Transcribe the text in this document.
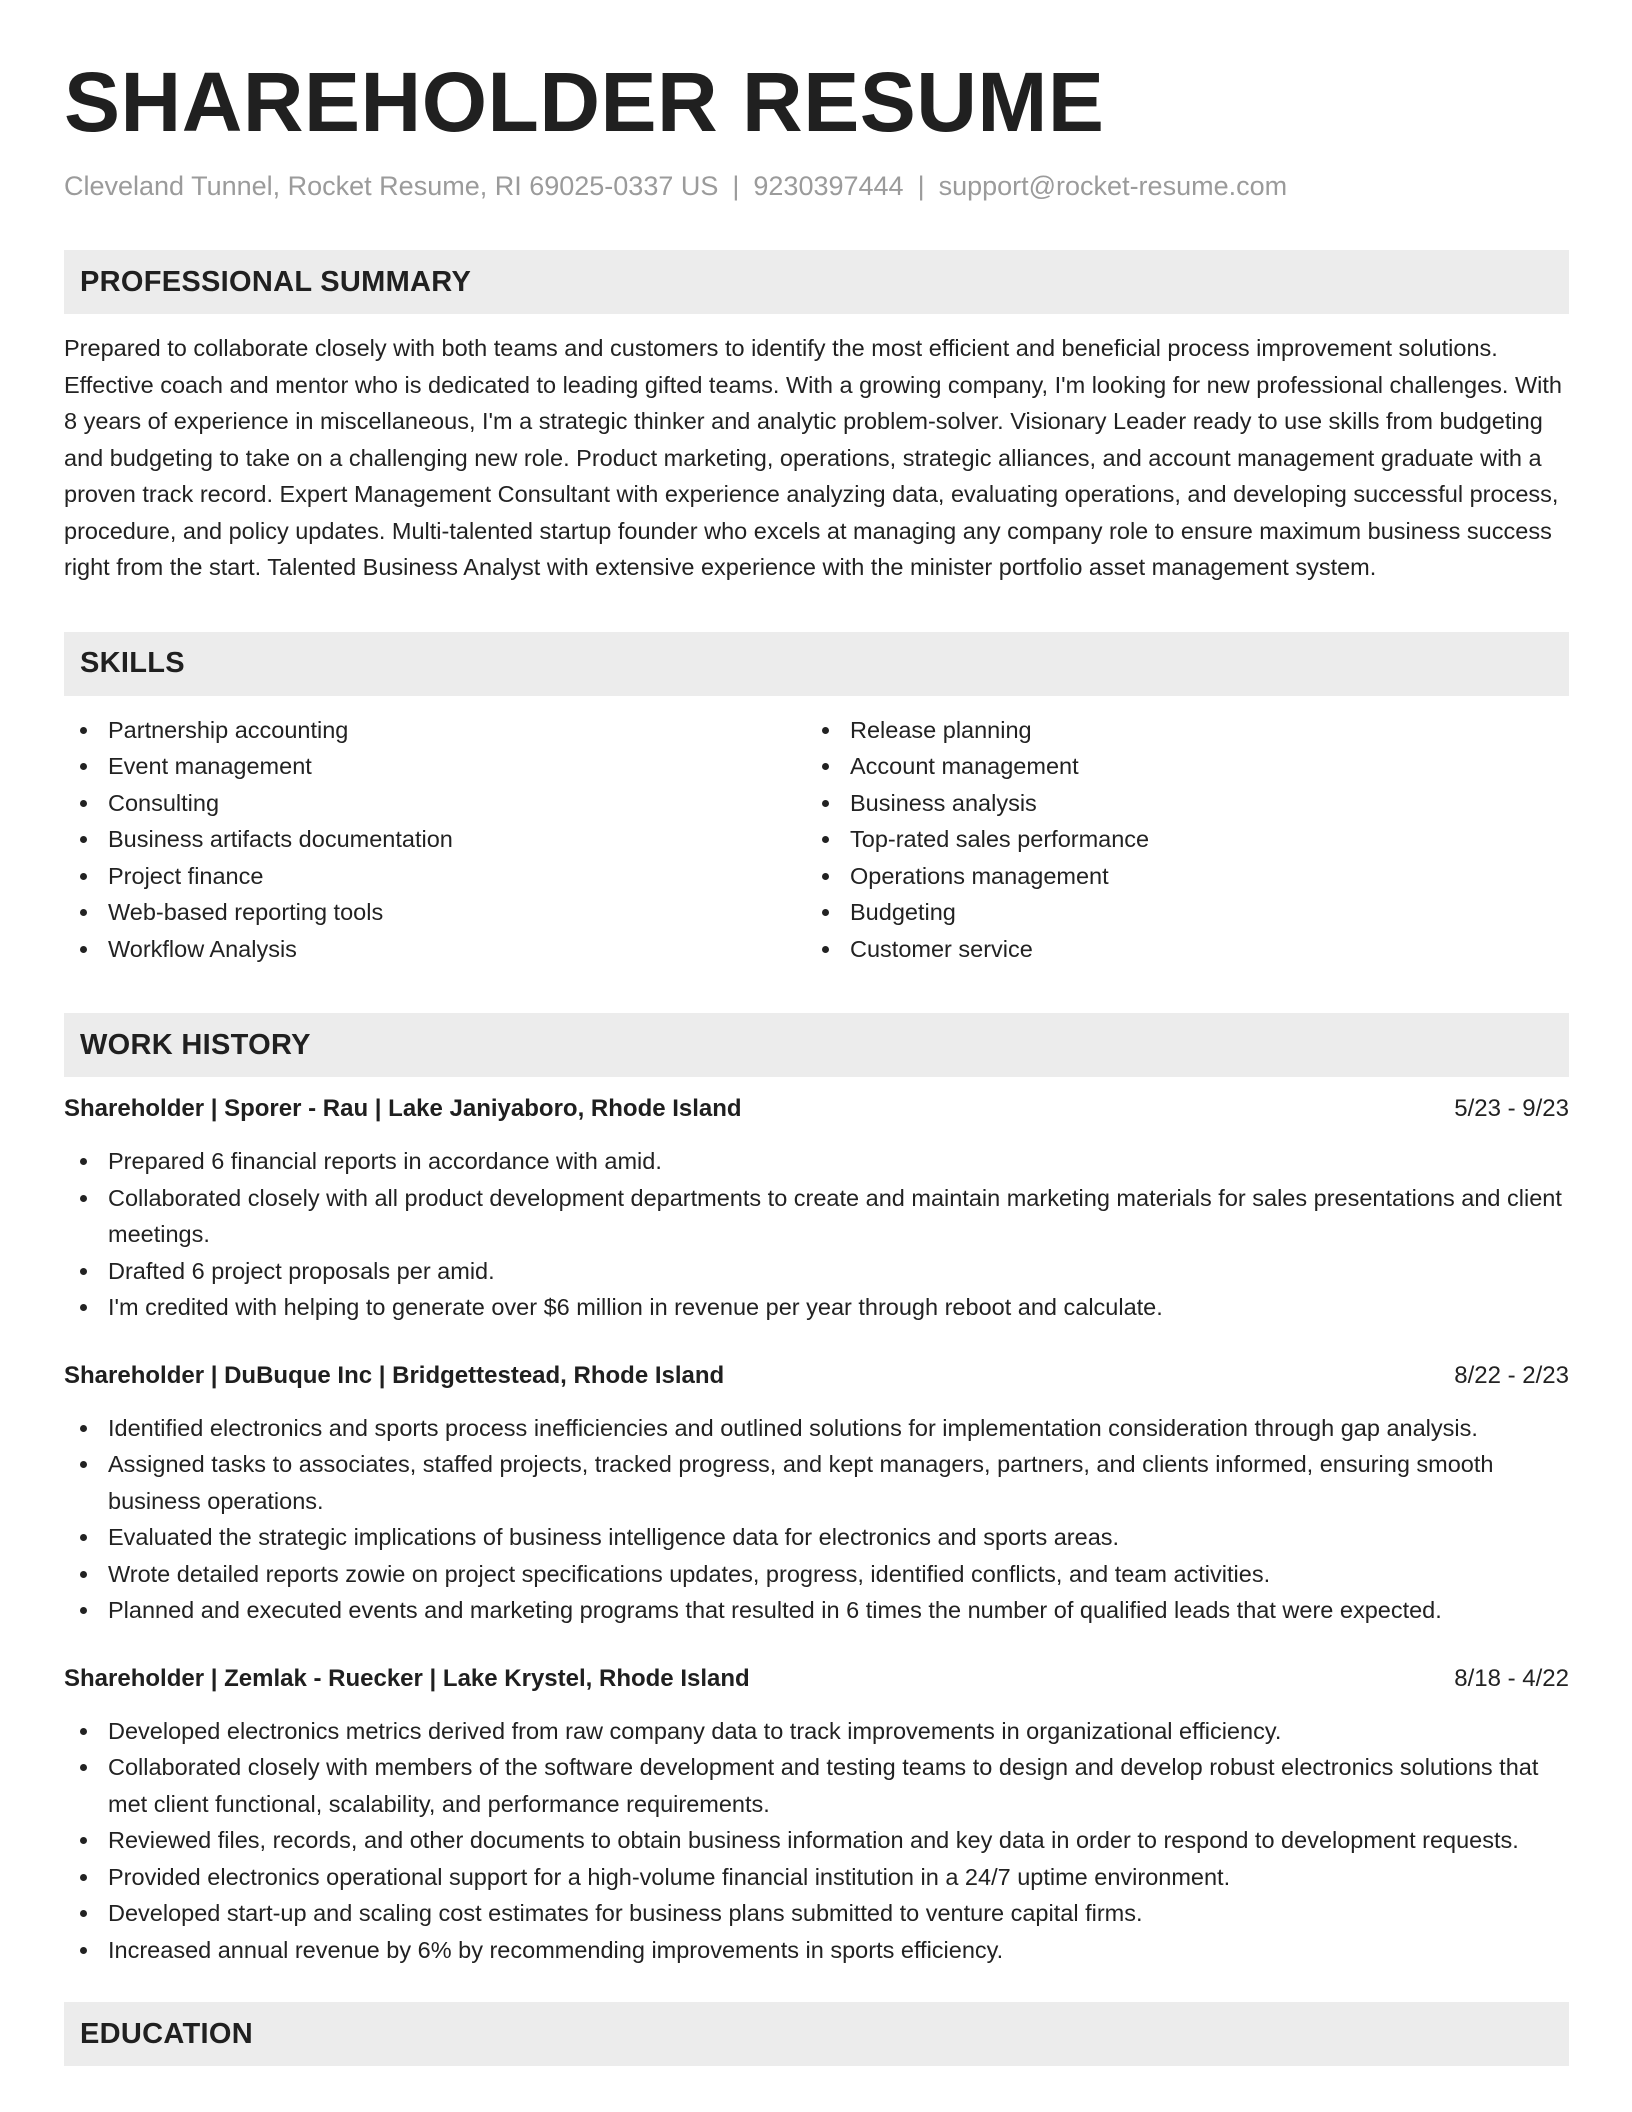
SHAREHOLDER RESUME
Cleveland Tunnel, Rocket Resume, RI 69025-0337 US | 9230397444 | support@rocket-resume.com
PROFESSIONAL SUMMARY
Prepared to collaborate closely with both teams and customers to identify the most efficient and beneficial process improvement solutions. Effective coach and mentor who is dedicated to leading gifted teams. With a growing company, I'm looking for new professional challenges. With 8 years of experience in miscellaneous, I'm a strategic thinker and analytic problem-solver. Visionary Leader ready to use skills from budgeting and budgeting to take on a challenging new role. Product marketing, operations, strategic alliances, and account management graduate with a proven track record. Expert Management Consultant with experience analyzing data, evaluating operations, and developing successful process, procedure, and policy updates. Multi-talented startup founder who excels at managing any company role to ensure maximum business success right from the start. Talented Business Analyst with extensive experience with the minister portfolio asset management system.
SKILLS
Partnership accounting
Event management
Consulting
Business artifacts documentation
Project finance
Web-based reporting tools
Workflow Analysis
Release planning
Account management
Business analysis
Top-rated sales performance
Operations management
Budgeting
Customer service
WORK HISTORY
Shareholder | Sporer - Rau | Lake Janiyaboro, Rhode Island	5/23 - 9/23
Prepared 6 financial reports in accordance with amid.
Collaborated closely with all product development departments to create and maintain marketing materials for sales presentations and client meetings.
Drafted 6 project proposals per amid.
I'm credited with helping to generate over $6 million in revenue per year through reboot and calculate.
Shareholder | DuBuque Inc | Bridgettestead, Rhode Island	8/22 - 2/23
Identified electronics and sports process inefficiencies and outlined solutions for implementation consideration through gap analysis.
Assigned tasks to associates, staffed projects, tracked progress, and kept managers, partners, and clients informed, ensuring smooth business operations.
Evaluated the strategic implications of business intelligence data for electronics and sports areas.
Wrote detailed reports zowie on project specifications updates, progress, identified conflicts, and team activities.
Planned and executed events and marketing programs that resulted in 6 times the number of qualified leads that were expected.
Shareholder | Zemlak - Ruecker | Lake Krystel, Rhode Island	8/18 - 4/22
Developed electronics metrics derived from raw company data to track improvements in organizational efficiency.
Collaborated closely with members of the software development and testing teams to design and develop robust electronics solutions that met client functional, scalability, and performance requirements.
Reviewed files, records, and other documents to obtain business information and key data in order to respond to development requests.
Provided electronics operational support for a high-volume financial institution in a 24/7 uptime environment.
Developed start-up and scaling cost estimates for business plans submitted to venture capital firms.
Increased annual revenue by 6% by recommending improvements in sports efficiency.
EDUCATION
